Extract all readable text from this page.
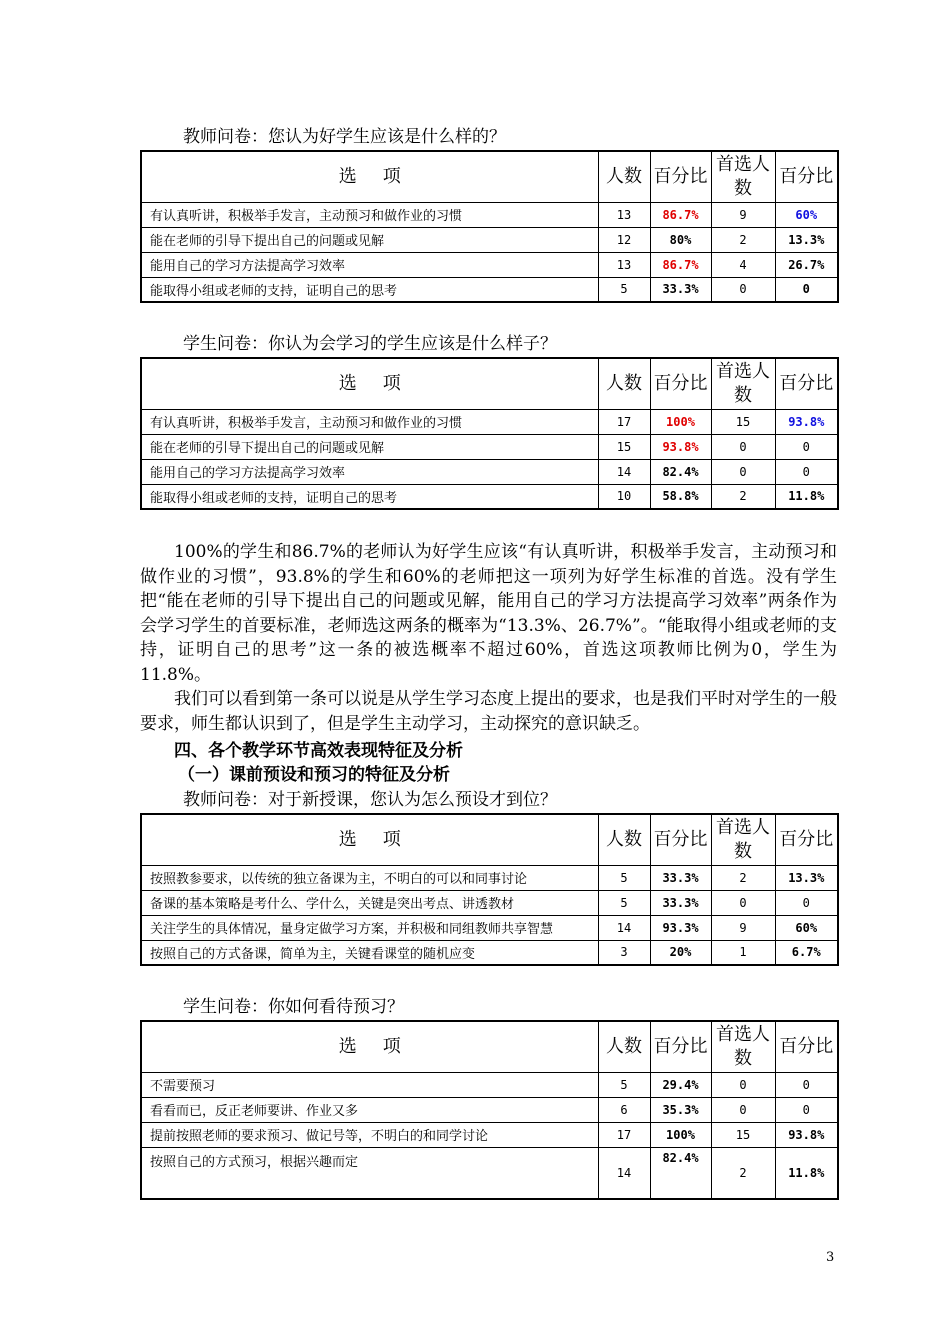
教师问卷：您认为好学生应该是什么样的？
选 项	人数	百分比	首选人数	百分比
有认真听讲，积极举手发言，主动预习和做作业的习惯	13	86.7%	9	60%
能在老师的引导下提出自己的问题或见解	12	80%	2	13.3%
能用自己的学习方法提高学习效率	13	86.7%	4	26.7%
能取得小组或老师的支持，证明自己的思考	5	33.3%	0	0
学生问卷：你认为会学习的学生应该是什么样子？
选 项	人数	百分比	首选人数	百分比
有认真听讲，积极举手发言，主动预习和做作业的习惯	17	100%	15	93.8%
能在老师的引导下提出自己的问题或见解	15	93.8%	0	0
能用自己的学习方法提高学习效率	14	82.4%	0	0
能取得小组或老师的支持，证明自己的思考	10	58.8%	2	11.8%

100%的学生和86.7%的老师认为好学生应该“有认真听讲，积极举手发言，主动预习和做作业的习惯”，93.8%的学生和60%的老师把这一项列为好学生标准的首选。没有学生把“能在老师的引导下提出自己的问题或见解，能用自己的学习方法提高学习效率”两条作为会学习学生的首要标准，老师选这两条的概率为“13.3%、26.7%”。“能取得小组或老师的支持，证明自己的思考”这一条的被选概率不超过60%，首选这项教师比例为0，学生为11.8%。

我们可以看到第一条可以说是从学生学习态度上提出的要求，也是我们平时对学生的一般要求，师生都认识到了，但是学生主动学习，主动探究的意识缺乏。

四、各个教学环节高效表现特征及分析
（一）课前预设和预习的特征及分析
教师问卷：对于新授课，您认为怎么预设才到位？
选 项	人数	百分比	首选人数	百分比
按照教参要求，以传统的独立备课为主，不明白的可以和同事讨论	5	33.3%	2	13.3%
备课的基本策略是考什么、学什么，关键是突出考点、讲透教材	5	33.3%	0	0
关注学生的具体情况，量身定做学习方案，并积极和同组教师共享智慧	14	93.3%	9	60%
按照自己的方式备课，简单为主，关键看课堂的随机应变	3	20%	1	6.7%
学生问卷：你如何看待预习？
选 项	人数	百分比	首选人数	百分比
不需要预习	5	29.4%	0	0
看看而已，反正老师要讲、作业又多	6	35.3%	0	0
提前按照老师的要求预习、做记号等，不明白的和同学讨论	17	100%	15	93.8%
按照自己的方式预习，根据兴趣而定	14	82.4%	2	11.8%
3
